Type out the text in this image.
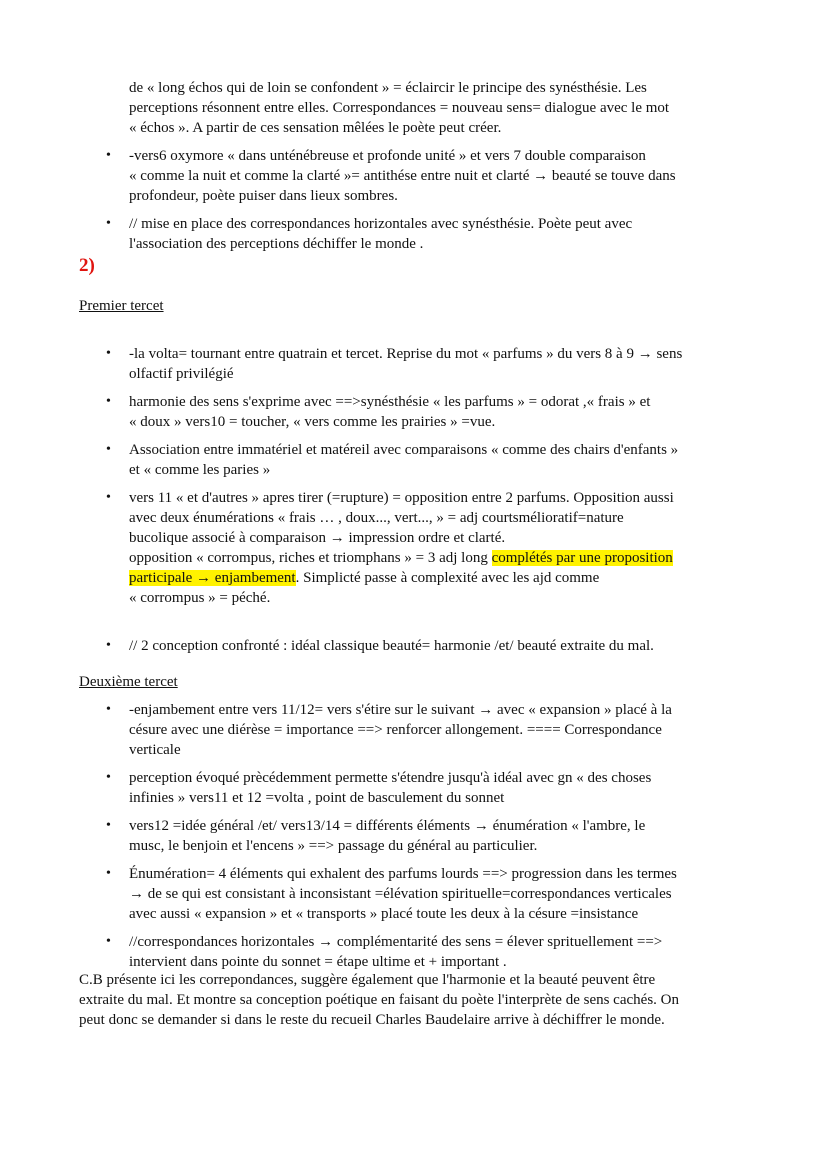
de « long échos qui de loin se confondent » = éclaircir le principe des synésthésie. Les
perceptions résonnent entre elles. Correspondances = nouveau sens= dialogue avec le mot
« échos ». A partir de ces sensation mêlées le poète peut créer.
•	-vers6 oxymore « dans unténébreuse et profonde unité » et vers 7 double comparaison
« comme la nuit et comme la clarté »= antithése entre nuit et clarté → beauté se touve dans
profondeur, poète puiser dans lieux sombres.
•	// mise en place des correspondances horizontales avec synésthésie. Poète peut avec
l'association des perceptions déchiffer le monde .
2)
Premier tercet
•	-la volta= tournant entre quatrain et tercet. Reprise du mot « parfums » du vers 8 à 9 → sens
olfactif privilégié
•	harmonie des sens s'exprime avec ==>synésthésie « les parfums » = odorat ,« frais » et
« doux » vers10 = toucher, « vers comme les prairies » =vue.
•	Association entre immatériel et matéreil avec comparaisons « comme des chairs d'enfants »
et « comme les paries »
•	vers 11 « et d'autres » apres tirer (=rupture) = opposition entre 2 parfums. Opposition aussi
avec deux énumérations « frais … , doux..., vert..., » = adj courtsmélioratif=nature
bucolique associé à comparaison → impression ordre et clarté.
opposition « corrompus, riches et triomphans » = 3 adj long complétés par une proposition
participale → enjambement. Simplicté passe à complexité avec les ajd comme
« corrompus » = péché.
•	// 2 conception confronté : idéal classique beauté= harmonie /et/ beauté extraite du mal.
Deuxième tercet
•	-enjambement entre vers 11/12= vers s'étire sur le suivant → avec « expansion » placé à la
césure avec une diérèse = importance ==> renforcer allongement. ==== Correspondance
verticale
•	perception évoqué prècédemment permette s'étendre jusqu'à idéal avec gn « des choses
infinies » vers11 et 12 =volta , point de basculement du sonnet
•	vers12 =idée général /et/ vers13/14 = différents éléments → énumération « l'ambre, le
musc, le benjoin et l'encens » ==> passage du général au particulier.
•	Énumération= 4 éléments qui exhalent des parfums lourds ==> progression dans les termes
→ de se qui est consistant à inconsistant =élévation spirituelle=correspondances verticales
avec aussi « expansion » et « transports » placé toute les deux à la césure =insistance
•	//correspondances horizontales → complémentarité des sens = élever sprituellement ==>
intervient dans pointe du sonnet = étape ultime et + important .
C.B présente ici les correpondances, suggère également que l'harmonie et la beauté peuvent être
extraite du mal. Et montre sa conception poétique en faisant du poète l'interprète de sens cachés. On
peut donc se demander si dans le reste du recueil Charles Baudelaire arrive à déchiffrer le monde.
